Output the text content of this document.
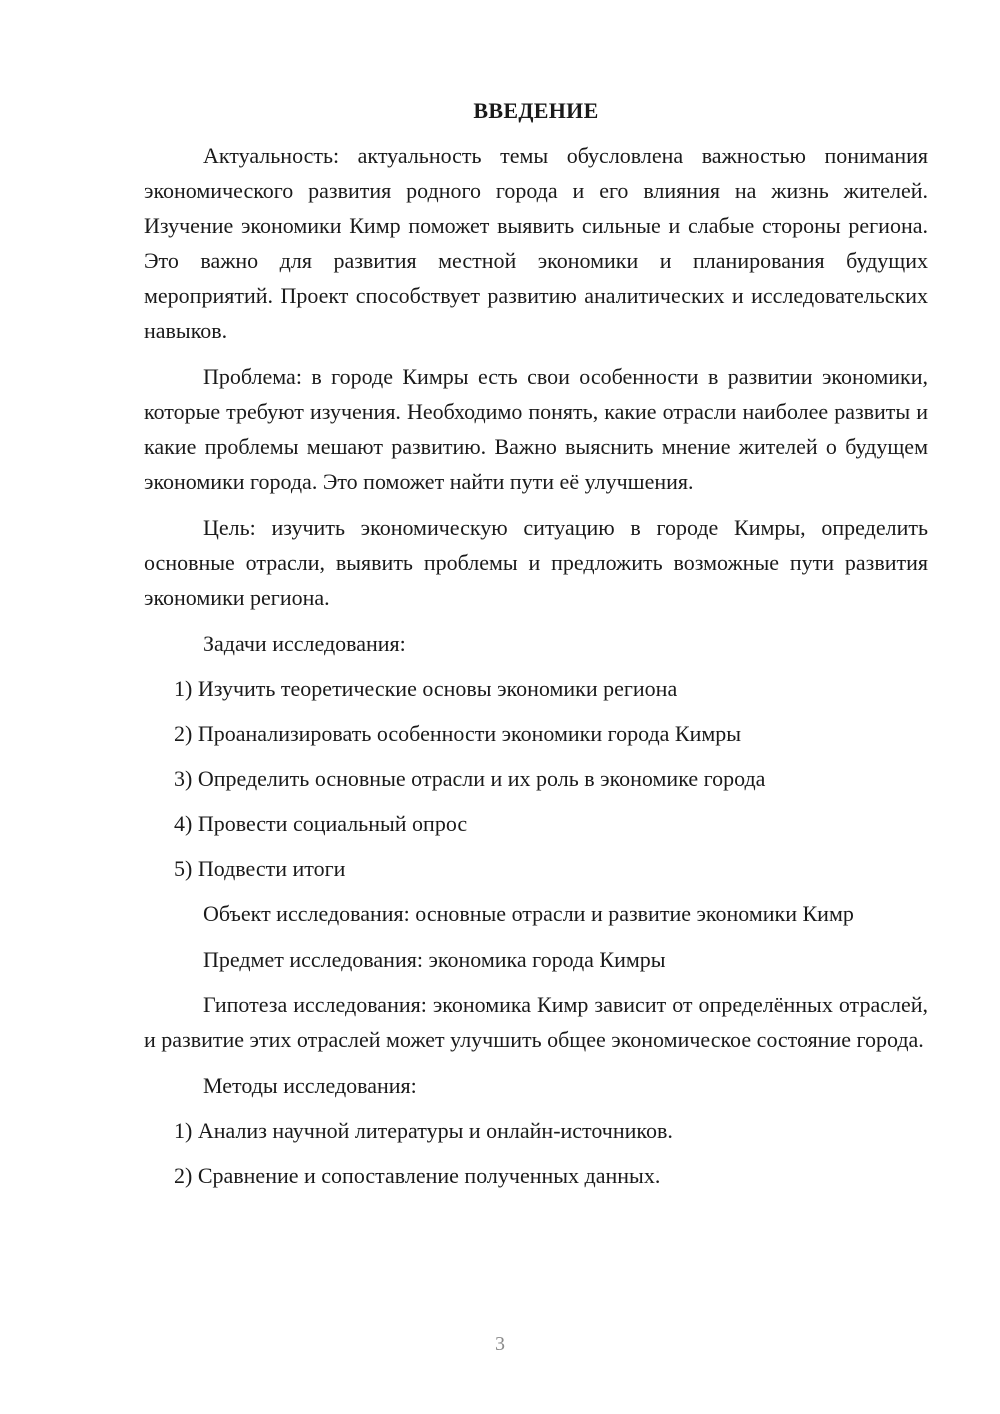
ВВЕДЕНИЕ

Актуальность: актуальность темы обусловлена важностью понимания экономического развития родного города и его влияния на жизнь жителей. Изучение экономики Кимр поможет выявить сильные и слабые стороны региона. Это важно для развития местной экономики и планирования будущих мероприятий. Проект способствует развитию аналитических и исследовательских навыков.

Проблема: в городе Кимры есть свои особенности в развитии экономики, которые требуют изучения. Необходимо понять, какие отрасли наиболее развиты и какие проблемы мешают развитию. Важно выяснить мнение жителей о будущем экономики города. Это поможет найти пути её улучшения.

Цель: изучить экономическую ситуацию в городе Кимры, определить основные отрасли, выявить проблемы и предложить возможные пути развития экономики региона.

Задачи исследования:

1) Изучить теоретические основы экономики региона

2) Проанализировать особенности экономики города Кимры

3) Определить основные отрасли и их роль в экономике города

4) Провести социальный опрос

5) Подвести итоги

Объект исследования: основные отрасли и развитие экономики Кимр

Предмет исследования: экономика города Кимры

Гипотеза исследования: экономика Кимр зависит от определённых отраслей, и развитие этих отраслей может улучшить общее экономическое состояние города.

Методы исследования:

1) Анализ научной литературы и онлайн-источников.

2) Сравнение и сопоставление полученных данных.

3
